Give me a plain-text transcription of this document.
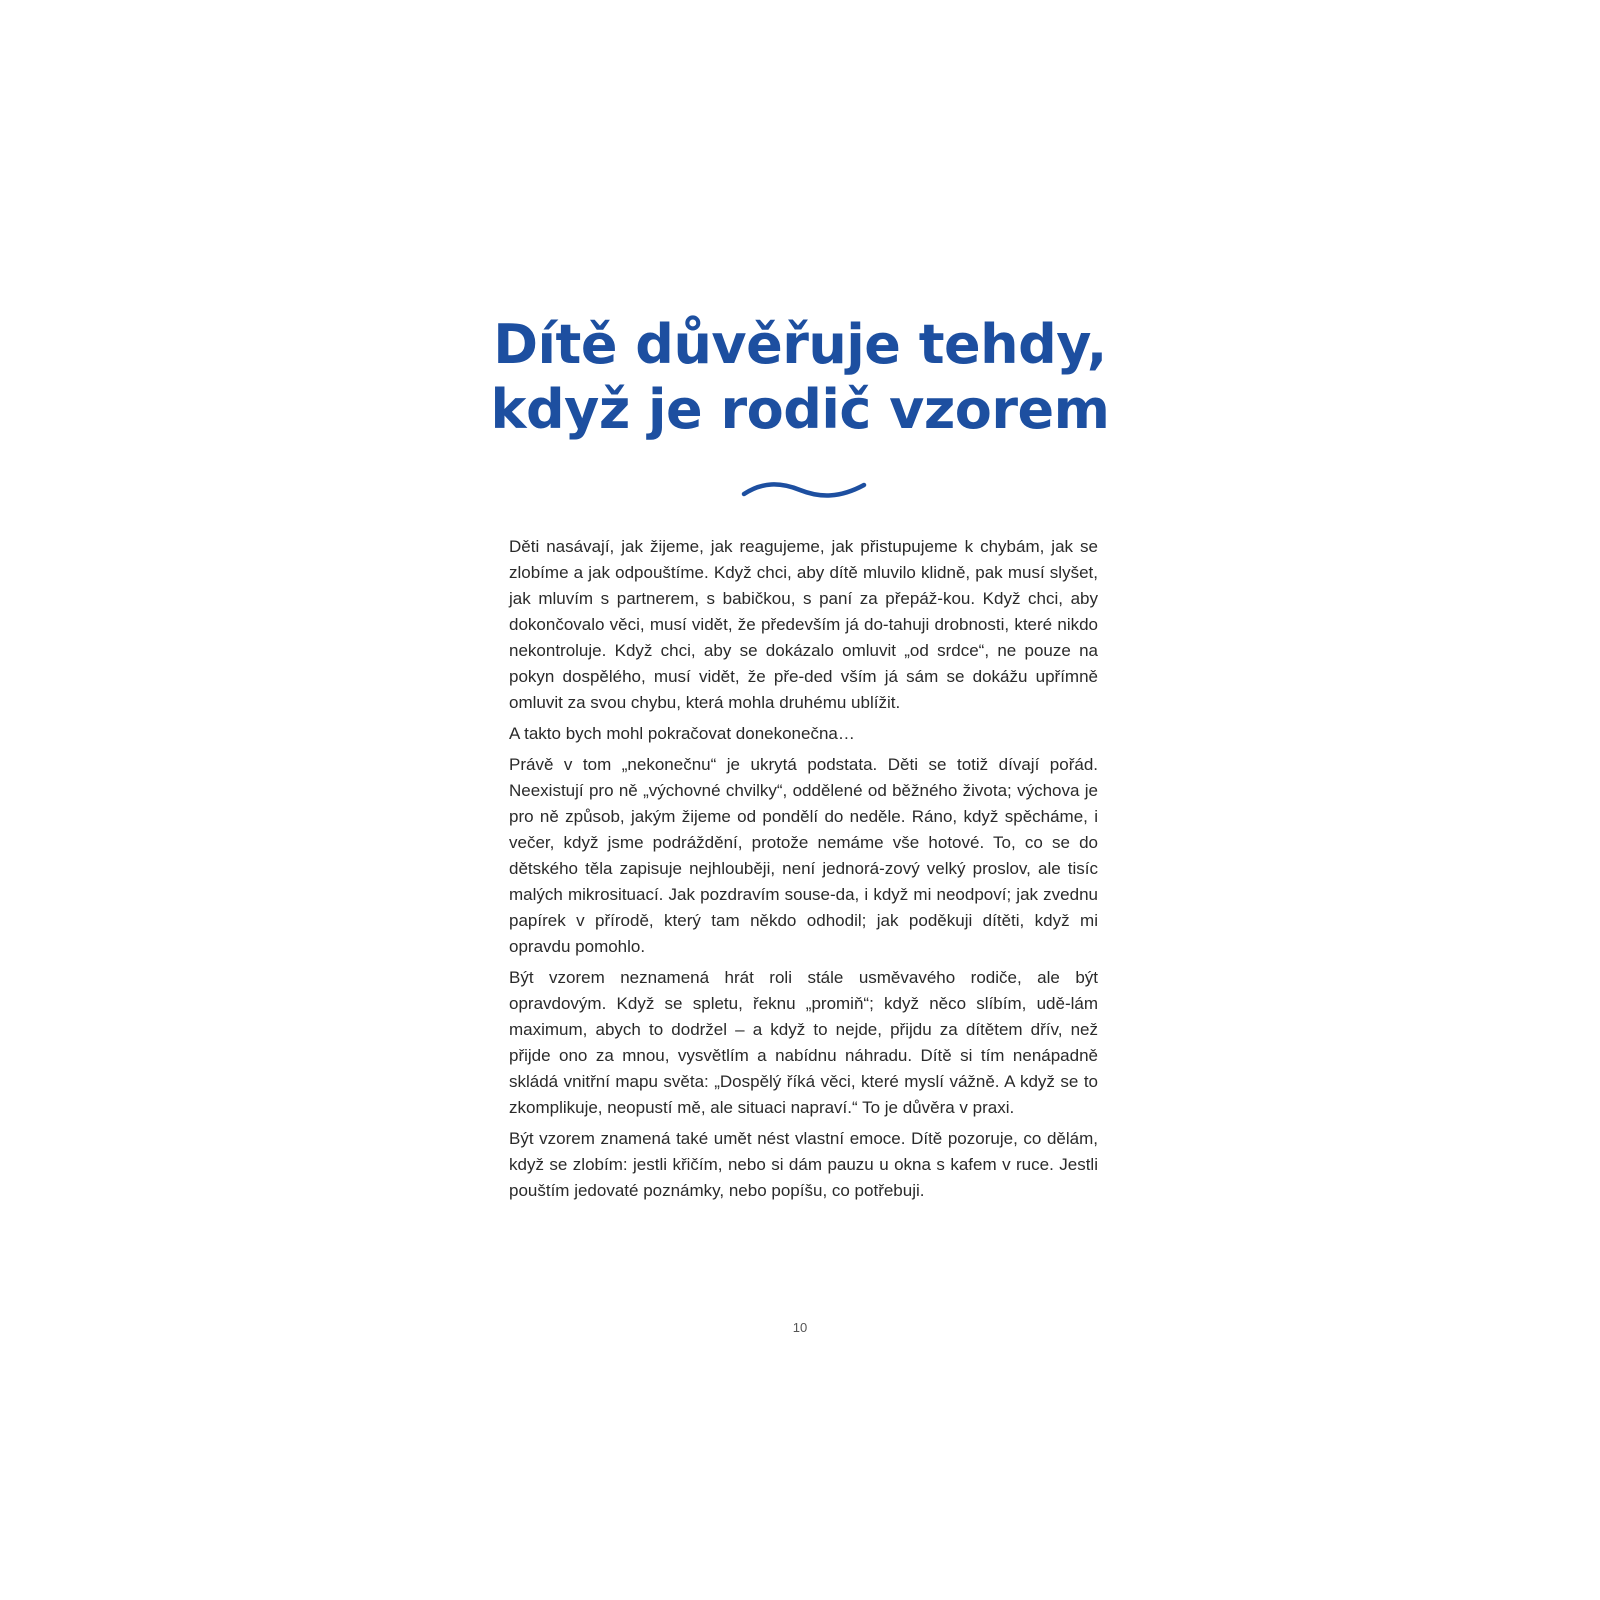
Dítě důvěřuje tehdy,
když je rodič vzorem

Děti nasávají, jak žijeme, jak reagujeme, jak přistupujeme k chybám, jak se zlobíme a jak odpouštíme. Když chci, aby dítě mluvilo klidně, pak musí slyšet, jak mluvím s partnerem, s babičkou, s paní za přepáž-kou. Když chci, aby dokončovalo věci, musí vidět, že především já do-tahuji drobnosti, které nikdo nekontroluje. Když chci, aby se dokázalo omluvit „od srdce“, ne pouze na pokyn dospělého, musí vidět, že pře-ded vším já sám se dokážu upřímně omluvit za svou chybu, která mohla druhému ublížit.

A takto bych mohl pokračovat donekonečna…

Právě v tom „nekonečnu“ je ukrytá podstata. Děti se totiž dívají pořád. Neexistují pro ně „výchovné chvilky“, oddělené od běžného života; výchova je pro ně způsob, jakým žijeme od pondělí do neděle. Ráno, když spěcháme, i večer, když jsme podráždění, protože nemáme vše hotové. To, co se do dětského těla zapisuje nejhlouběji, není jednorá-zový velký proslov, ale tisíc malých mikrosituací. Jak pozdravím souse-da, i když mi neodpoví; jak zvednu papírek v přírodě, který tam někdo odhodil; jak poděkuji dítěti, když mi opravdu pomohlo.

Být vzorem neznamená hrát roli stále usměvavého rodiče, ale být opravdovým. Když se spletu, řeknu „promiň“; když něco slíbím, udě-lám maximum, abych to dodržel – a když to nejde, přijdu za dítětem dřív, než přijde ono za mnou, vysvětlím a nabídnu náhradu. Dítě si tím nenápadně skládá vnitřní mapu světa: „Dospělý říká věci, které myslí vážně. A když se to zkomplikuje, neopustí mě, ale situaci napraví.“ To je důvěra v praxi.

Být vzorem znamená také umět nést vlastní emoce. Dítě pozoruje, co dělám, když se zlobím: jestli křičím, nebo si dám pauzu u okna s kafem v ruce. Jestli pouštím jedovaté poznámky, nebo popíšu, co potřebuji.

10
